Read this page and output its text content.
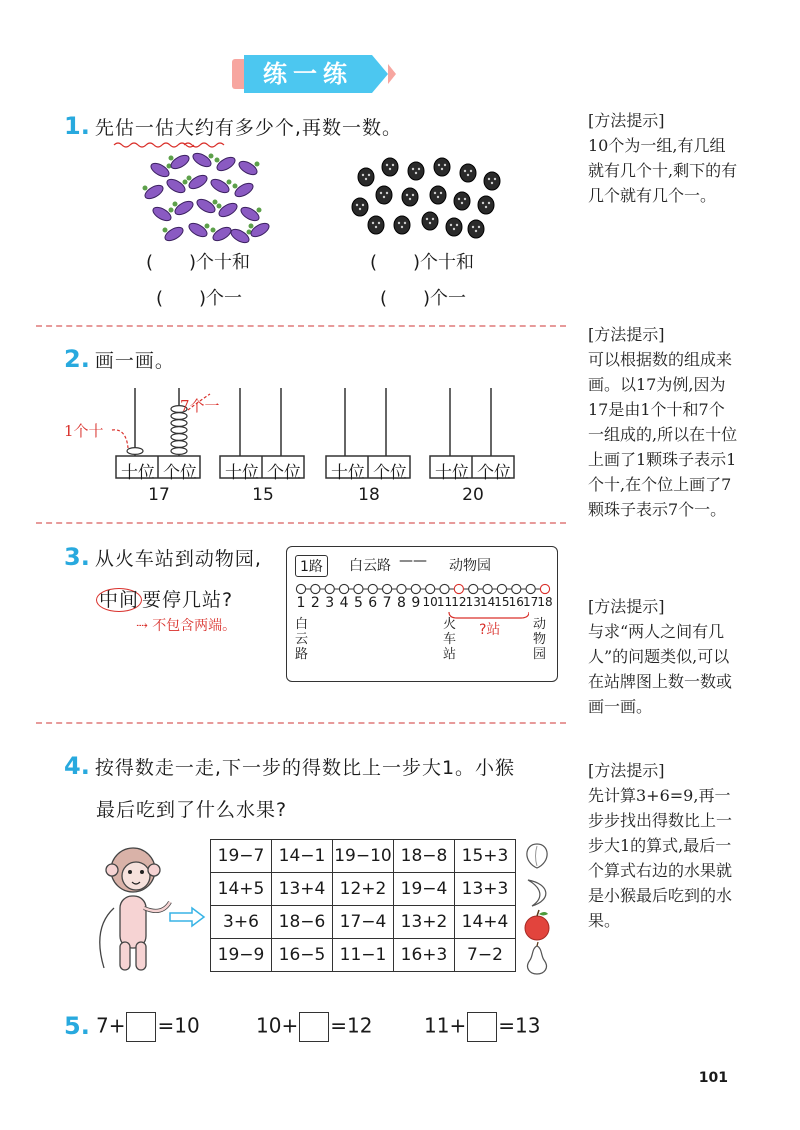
练一练
1. 先估一估大约有多少个,再数一数。
(　　)个十和
(　　)个一
(　　)个十和
(　　)个一
2. 画一画。
1个十
7个一
十位 个位 十位 个位 十位 个位 十位 个位
17	15	18	20
3. 从火车站到动物园,
中间 要停几站?
⇢ 不包含两端。
1路	白云路 —— 动物园
1 2 3 4 5 6 7 8 9 10 11 12 13 14 15 16 17 18
白云路
火车站
?站	动物园
4. 按得数走一走,下一步的得数比上一步大1。小猴
最后吃到了什么水果?
19−7	14−1	19−10	18−8	15+3
14+5	13+4	12+2	19−4	13+3
3+6	18−6	17−4	13+2	14+4
19−9	16−5	11−1	16+3	7−2
5. 7+ =10	10+ =12	11+ =13
[方法提示]
10个为一组,有几组就有几个十,剩下的有几个就有几个一。
[方法提示]
可以根据数的组成来画。以17为例,因为17是由1个十和7个一组成的,所以在十位上画了1颗珠子表示1个十,在个位上画了7颗珠子表示7个一。
[方法提示]
与求“两人之间有几人”的问题类似,可以在站牌图上数一数或画一画。
[方法提示]
先计算3+6=9,再一步步找出得数比上一步大1的算式,最后一个算式右边的水果就是小猴最后吃到的水果。
101
